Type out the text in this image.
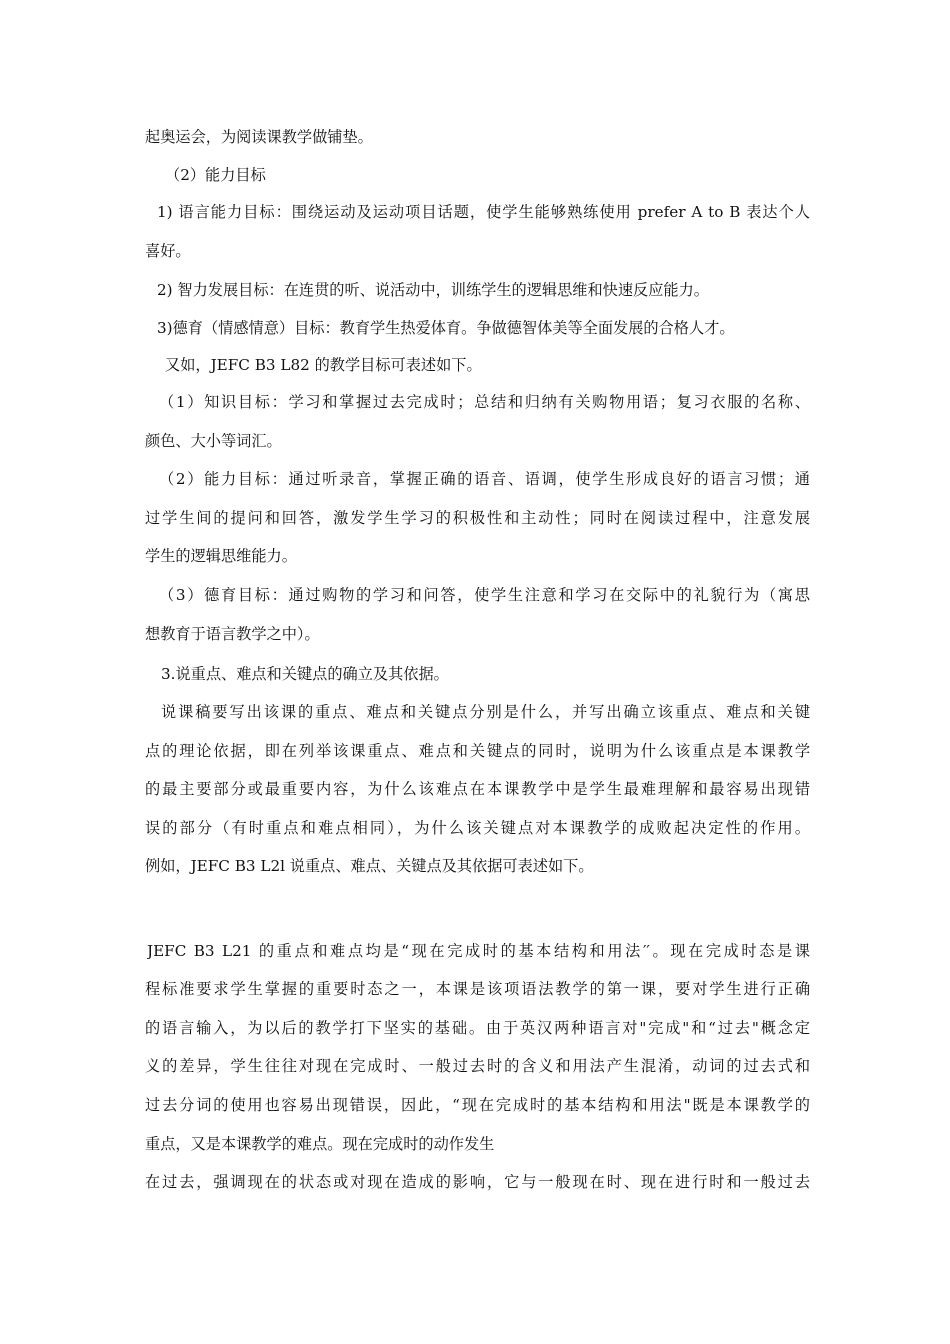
起奥运会，为阅读课教学做铺垫。
（2）能力目标
1) 语言能力目标：围绕运动及运动项目话题，使学生能够熟练使用 prefer A to B 表达个人
喜好。
2) 智力发展目标：在连贯的听、说活动中，训练学生的逻辑思维和快速反应能力。
3)德育（情感情意）目标：教育学生热爱体育。争做德智体美等全面发展的合格人才。
又如，JEFC B3 L82 的教学目标可表述如下。
（1）知识目标：学习和掌握过去完成时；总结和归纳有关购物用语；复习衣服的名称、
颜色、大小等词汇。
（2）能力目标：通过听录音，掌握正确的语音、语调，使学生形成良好的语言习惯；通
过学生间的提问和回答，激发学生学习的积极性和主动性；同时在阅读过程中，注意发展
学生的逻辑思维能力。
（3）德育目标：通过购物的学习和问答，使学生注意和学习在交际中的礼貌行为（寓思
想教育于语言教学之中）。
3.说重点、难点和关键点的确立及其依据。
说课稿要写出该课的重点、难点和关键点分别是什么，并写出确立该重点、难点和关键
点的理论依据，即在列举该课重点、难点和关键点的同时，说明为什么该重点是本课教学
的最主要部分或最重要内容，为什么该难点在本课教学中是学生最难理解和最容易出现错
误的部分（有时重点和难点相同），为什么该关键点对本课教学的成败起决定性的作用。
例如，JEFC B3 L2l 说重点、难点、关键点及其依据可表述如下。
JEFC B3 L21 的重点和难点均是“现在完成时的基本结构和用法′′。现在完成时态是课
程标准要求学生掌握的重要时态之一，本课是该项语法教学的第一课，要对学生进行正确
的语言输入，为以后的教学打下坚实的基础。由于英汉两种语言对"完成"和“过去"概念定
义的差异，学生往往对现在完成时、一般过去时的含义和用法产生混淆，动词的过去式和
过去分词的使用也容易出现错误，因此，“现在完成时的基本结构和用法"既是本课教学的
重点，又是本课教学的难点。现在完成时的动作发生
在过去，强调现在的状态或对现在造成的影响，它与一般现在时、现在进行时和一般过去
